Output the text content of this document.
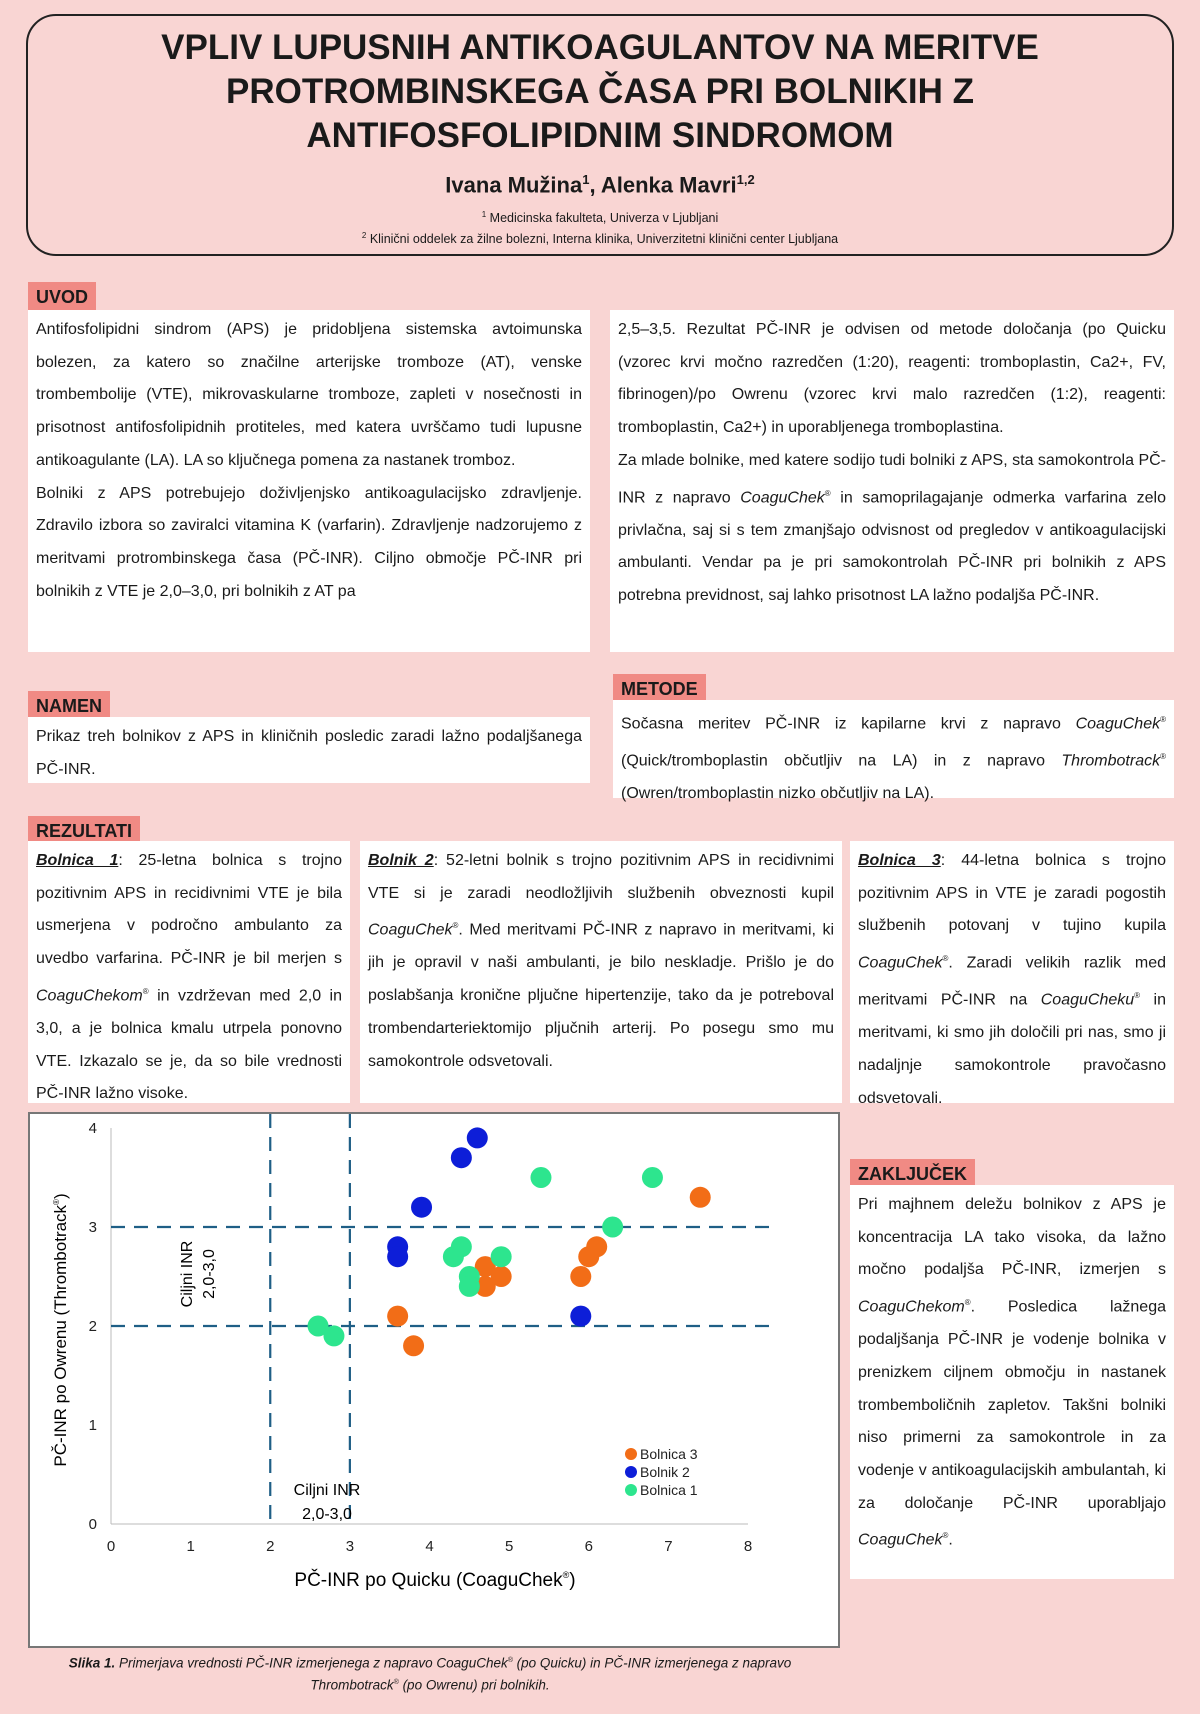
VPLIV LUPUSNIH ANTIKOAGULANTOV NA MERITVE PROTROMBINSKEGA ČASA PRI BOLNIKIH Z ANTIFOSFOLIPIDNIM SINDROMOM
Ivana Mužina$^1$, Alenka Mavri$^{1,2}$
$^1$ Medicinska fakulteta, Univerza v Ljubljani
$^2$ Klinični oddelek za žilne bolezni, Interna klinika, Univerzitetni klinični center Ljubljana
UVOD

Antifosfolipidni sindrom (APS) je pridobljena sistemska avtoimunska bolezen, za katero so značilne arterijske tromboze (AT), venske trombembolije (VTE), mikrovaskularne tromboze, zapleti v nosečnosti in prisotnost antifosfolipidnih protiteles, med katera uvrščamo tudi lupusne antikoagulante (LA). LA so ključnega pomena za nastanek tromboz.

Bolniki z APS potrebujejo doživljenjsko antikoagulacijsko zdravljenje. Zdravilo izbora so zaviralci vitamina K (varfarin). Zdravljenje nadzorujemo z meritvami protrombinskega časa (PČ-INR). Ciljno območje PČ-INR pri bolnikih z VTE je 2,0–3,0, pri bolnikih z AT pa

2,5–3,5. Rezultat PČ-INR je odvisen od metode določanja (po Quicku (vzorec krvi močno razredčen (1:20), reagenti: tromboplastin, Ca2+, FV, fibrinogen)/po Owrenu (vzorec krvi malo razredčen (1:2), reagenti: tromboplastin, Ca2+) in uporabljenega tromboplastina.

Za mlade bolnike, med katere sodijo tudi bolniki z APS, sta samokontrola PČ-INR z napravo CoaguChek® in samoprilagajanje odmerka varfarina zelo privlačna, saj si s tem zmanjšajo odvisnost od pregledov v antikoagulacijski ambulanti. Vendar pa je pri samokontrolah PČ-INR pri bolnikih z APS potrebna previdnost, saj lahko prisotnost LA lažno podaljša PČ-INR.

NAMEN

Prikaz treh bolnikov z APS in kliničnih posledic zaradi lažno podaljšanega PČ-INR.

METODE

Sočasna meritev PČ-INR iz kapilarne krvi z napravo CoaguChek® (Quick/tromboplastin občutljiv na LA) in z napravo Thrombotrack® (Owren/tromboplastin nizko občutljiv na LA).

REZULTATI

Bolnica 1: 25-letna bolnica s trojno pozitivnim APS in recidivnimi VTE je bila usmerjena v področno ambulanto za uvedbo varfarina. PČ-INR je bil merjen s CoaguChekom® in vzdrževan med 2,0 in 3,0, a je bolnica kmalu utrpela ponovno VTE. Izkazalo se je, da so bile vrednosti PČ-INR lažno visoke.

Bolnik 2: 52-letni bolnik s trojno pozitivnim APS in recidivnimi VTE si je zaradi neodložljivih službenih obveznosti kupil CoaguChek®. Med meritvami PČ-INR z napravo in meritvami, ki jih je opravil v naši ambulanti, je bilo neskladje. Prišlo je do poslabšanja kronične pljučne hipertenzije, tako da je potreboval trombendarteriektomijo pljučnih arterij. Po posegu smo mu samokontrole odsvetovali.

Bolnica 3: 44-letna bolnica s trojno pozitivnim APS in VTE je zaradi pogostih službenih potovanj v tujino kupila CoaguChek®. Zaradi velikih razlik med meritvami PČ-INR na CoaguCheku® in meritvami, ki smo jih določili pri nas, smo ji nadaljnje samokontrole pravočasno odsvetovali.

0	1	2	3	4	5	6	7	8
0
1
2
3
4
Ciljni INR 2,0-3,0
Ciljni INR
2,0-3,0
PČ-INR po Quicku (CoaguChek®)
PČ-INR po Owrenu (Thrombotrack®)
Bolnica 3
Bolnik 2
Bolnica 1
Slika 1. Primerjava vrednosti PČ-INR izmerjenega z napravo CoaguChek® (po Quicku) in PČ-INR izmerjenega z napravo Thrombotrack® (po Owrenu) pri bolnikih.
ZAKLJUČEK

Pri majhnem deležu bolnikov z APS je koncentracija LA tako visoka, da lažno močno podaljša PČ-INR, izmerjen s CoaguChekom®. Posledica lažnega podaljšanja PČ-INR je vodenje bolnika v prenizkem ciljnem območju in nastanek trombemboličnih zapletov. Takšni bolniki niso primerni za samokontrole in za vodenje v antikoagulacijskih ambulantah, ki za določanje PČ-INR uporabljajo CoaguChek®.
